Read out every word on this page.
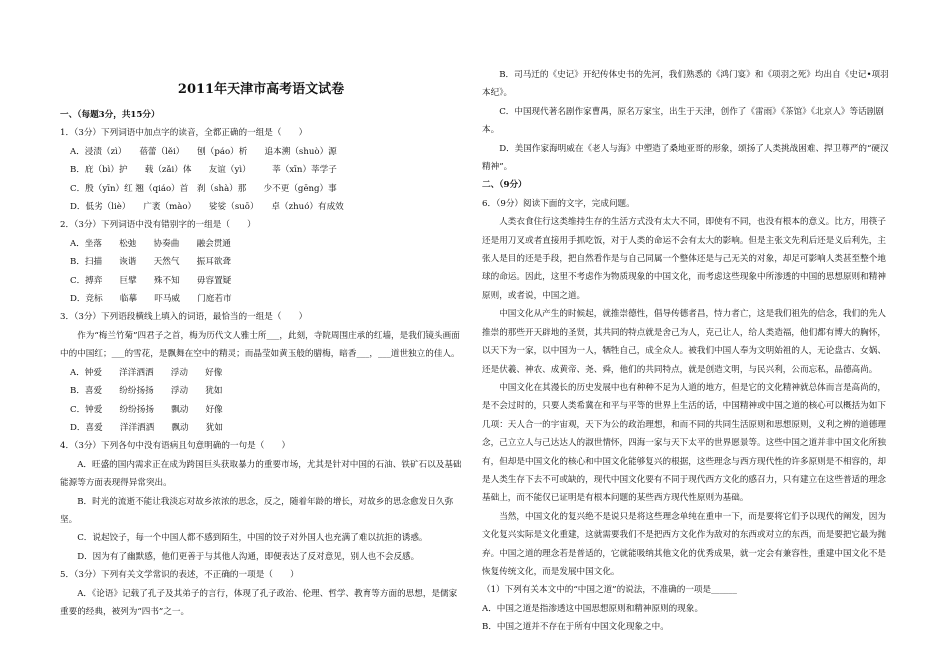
2011年天津市高考语文试卷

一、（每题3分，共15分）

1．（3分）下列词语中加点字的读音，全都正确的一组是（　　）

A．浸渍（zì）　　蓓蕾（lěi）　　刨（páo）析　　追本溯（shuò）源

B．庇（bì）护　　载（zǎi）体　　友谊（yì）　　　莘（xīn）莘学子

C．殷（yīn）红 翘（qiáo）首　刹（shà）那　　少不更（gēng）事

D．低劣（liè）　　广袤（mào）　　娑娑（suō）　　卓（zhuó）有成效

2．（3分）下列词语中没有错别字的一组是（　　）

A．坐落　　松弛　　协奏曲　　融会贯通

B．扫描　　诙谐　　天然气　　振耳欲聋

C．搏弈　　巨擘　　殊不知　　毋容置疑

D．竞标　　临摹　　吓马威　　门庭若市

3．（3分）下列语段横线上填入的词语，最恰当的一组是（　　）

作为“梅兰竹菊”四君子之首，梅为历代文人雅士所___，此刻，寺院周围庄承的红墙，是我们镜头画面中的中国红；___的雪花，是飘舞在空中的精灵；而晶莹如黄玉般的腊梅，暗香___，___道世独立的佳人。

A．钟爱　　洋洋洒洒　　浮动　　好像

B．喜爱　　纷纷扬扬　　浮动　　犹如

C．钟爱　　纷纷扬扬　　飘动　　好像

D．喜爱　　洋洋洒洒　　飘动　　犹如

4．（3分）下列各句中没有语病且句意明确的一句是（　　）

A．旺盛的国内需求正在成为跨国巨头获取暴力的重要市场，尤其是针对中国的石油、铁矿石以及基础能源等方面表现得异常突出。

B．时光的流逝不能让我淡忘对故乡浓浓的思念，反之，随着年龄的增长，对故乡的思念愈发日久弥坚。

C．说起饺子，每一个中国人都不感到陌生，中国的饺子对外国人也充满了难以抗拒的诱惑。

D．因为有了幽默感，他们更善于与其他人沟通，即便表达了反对意见，别人也不会反感。

5．（3分）下列有关文学常识的表述，不正确的一项是（　　）

A．《论语》记载了孔子及其弟子的言行，体现了孔子政治、伦理、哲学、教育等方面的思想，是儒家重要的经典，被列为“四书”之一。

B．司马迁的《史记》开纪传体史书的先河，我们熟悉的《鸿门宴》和《项羽之死》均出自《史记•项羽本纪》。

C．中国现代著名剧作家曹禺，原名万家宝，出生于天津，创作了《雷雨》《茶馆》《北京人》等话剧剧本。

D．美国作家海明威在《老人与海》中塑造了桑地亚哥的形象，颂扬了人类挑战困难、捍卫尊严的“硬汉精神”。

二、（9分）

6．（9分）阅读下面的文字，完成问题。

人类衣食住行这类维持生存的生活方式没有太大不同，即使有不同，也没有根本的意义。比方，用筷子还是用刀叉或者直接用手抓吃饭，对于人类的命运不会有太大的影响。但是主张文先利后还是义后利先，主张人是目的还是手段，把自然看作是与自己同属一个整体还是与己无关的对象，却足可影响人类甚至整个地球的命运。因此，这里不考虑作为物质现象的中国文化，而考虑这些现象中所渗透的中国的思想原则和精神原则，或者说，中国之道。

中国文化从产生的时候起，就推崇德性，倡导传德者昌，恃力者亡，这是我们祖先的信念，我们的先人推崇的那些开天辟地的圣贤，其共同的特点就是舍己为人，克己让人，给人类造福，他们都有博大的胸怀，以天下为一家，以中国为一人，牺牲自己，成全众人。被我们中国人奉为文明始祖的人，无论盘古、女娲、还是伏羲、神农、成黄帝、尧、舜，他们的共同特点，就是创造文明，与民兴利，公而忘私，品德高尚。

中国文化在其漫长的历史发展中也有种种不足为人道的地方，但是它的文化精神就总体而言是高尚的，是不会过时的，只要人类希冀在和平与平等的世界上生活的话，中国精神或中国之道的核心可以概括为如下几项：天人合一的宇宙观，天下为公的政治理想，和而不同的共同生活原则和思想原则，义利之辨的道德理念，己立立人与己达达人的淑世情怀，四海一家与天下太平的世界愿景等。这些中国之道并非中国文化所独有，但却是中国文化的核心和中国文化能够复兴的根据，这些理念与西方现代性的许多原则是不相容的，却是人类生存下去不可或缺的，现代中国文化要有不同于现代西方文化的感召力，只有建立在这些普适的理念基础上，而不能仅已证明是有根本问题的某些西方现代性原则为基础。

当然，中国文化的复兴绝不是说只是将这些理念单纯在重申一下，而是要将它们予以现代的阐发，因为文化复兴实际是文化重建，这就需要我们不是把西方文化作为敌对的东西或对立的东西，而是要把它最为抛弃。中国之道的理念若是普适的，它就能吸纳其他文化的优秀成果，就一定会有兼容性，重建中国文化不是恢复传统文化，而是发展中国文化。

（1）下列有关本文中的“中国之道”的说法，不准确的一项是______

A．中国之道是指渗透这中国思想原则和精神原则的现象。

B．中国之道并不存在于所有中国文化现象之中。
